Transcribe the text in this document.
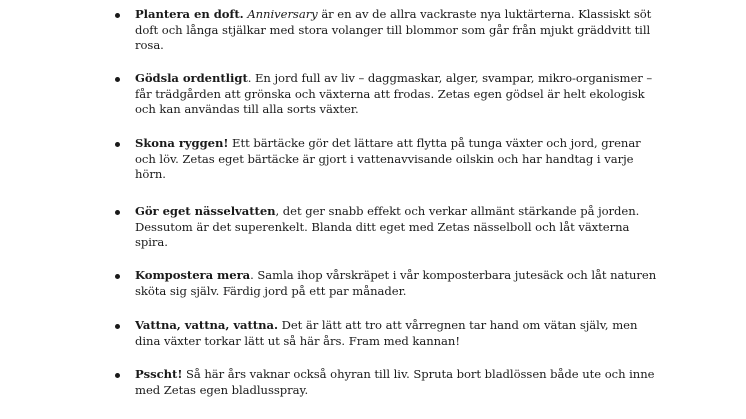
Plantera en doft. Anniversary är en av de allra vackraste nya luktärterna. Klassiskt söt doft och långa stjälkar med stora volanger till blommor som går från mjukt gräddvitt till rosa.
Gödsla ordentligt. En jord full av liv – daggmaskar, alger, svampar, mikro-organismer – får trädgården att grönska och växterna att frodas. Zetas egen gödsel är helt ekologisk och kan användas till alla sorts växter.
Skona ryggen! Ett bärtäcke gör det lättare att flytta på tunga växter och jord, grenar och löv. Zetas eget bärtäcke är gjort i vattenavvisande oilskin och har handtag i varje hörn.
Gör eget nässelvatten, det ger snabb effekt och verkar allmänt stärkande på jorden. Dessutom är det superenkelt. Blanda ditt eget med Zetas nässelboll och låt växterna spira.
Kompostera mera. Samla ihop vårskräpet i vår komposterbara jutesäck och låt naturen sköta sig själv. Färdig jord på ett par månader.
Vattna, vattna, vattna. Det är lätt att tro att vårregnen tar hand om vätan själv, men dina växter torkar lätt ut så här års. Fram med kannan!
Psscht! Så här års vaknar också ohyran till liv. Spruta bort bladlössen både ute och inne med Zetas egen bladlusspray.
